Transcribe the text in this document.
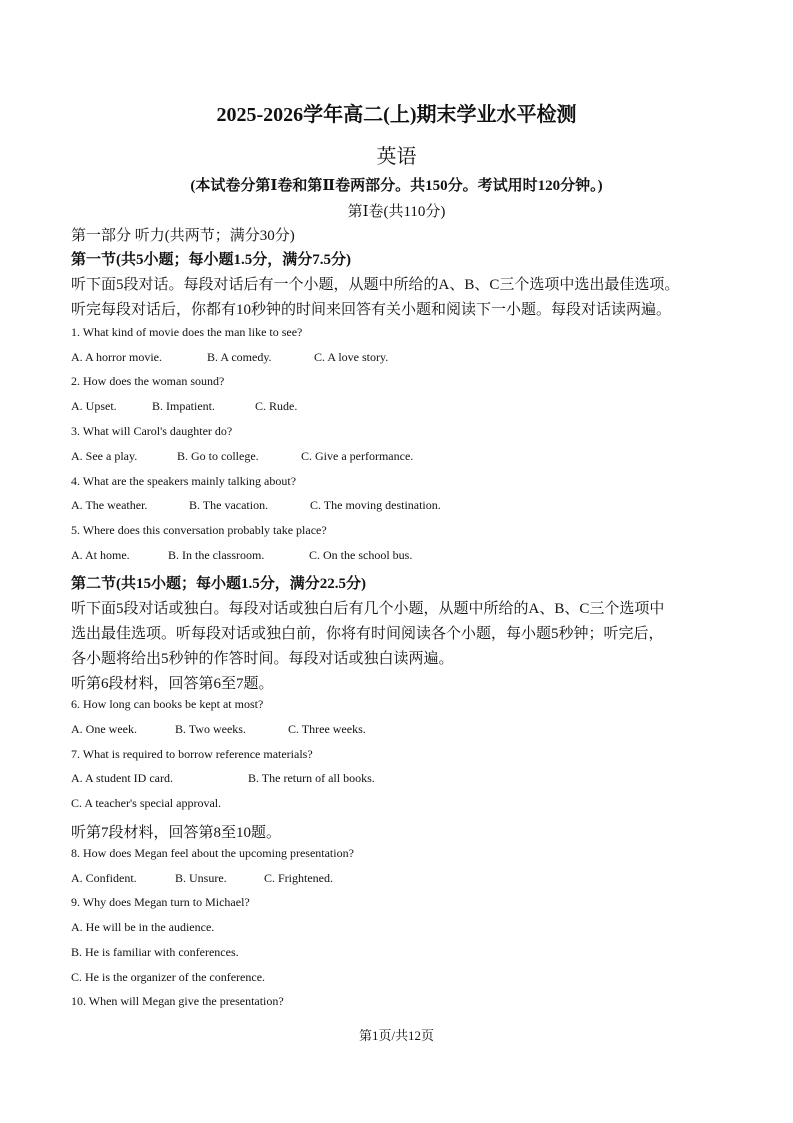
2025-2026学年高二(上)期末学业水平检测
英语
(本试卷分第Ⅰ卷和第Ⅱ卷两部分。共150分。考试用时120分钟。)
第Ⅰ卷(共110分)
第一部分 听力(共两节；满分30分)
第一节(共5小题；每小题1.5分，满分7.5分)
听下面5段对话。每段对话后有一个小题，从题中所给的A、B、C三个选项中选出最佳选项。
听完每段对话后，你都有10秒钟的时间来回答有关小题和阅读下一小题。每段对话读两遍。
1. What kind of movie does the man like to see?
A. A horror movie.	B. A comedy.	C. A love story.
2. How does the woman sound?
A. Upset.	B. Impatient.	C. Rude.
3. What will Carol's daughter do?
A. See a play.	B. Go to college.	C. Give a performance.
4. What are the speakers mainly talking about?
A. The weather.	B. The vacation.	C. The moving destination.
5. Where does this conversation probably take place?
A. At home.	B. In the classroom.	C. On the school bus.
第二节(共15小题；每小题1.5分，满分22.5分)
听下面5段对话或独白。每段对话或独白后有几个小题，从题中所给的A、B、C三个选项中
选出最佳选项。听每段对话或独白前，你将有时间阅读各个小题，每小题5秒钟；听完后，
各小题将给出5秒钟的作答时间。每段对话或独白读两遍。
听第6段材料，回答第6至7题。
6. How long can books be kept at most?
A. One week.	B. Two weeks.	C. Three weeks.
7. What is required to borrow reference materials?
A. A student ID card.	B. The return of all books.
C. A teacher's special approval.
听第7段材料，回答第8至10题。
8. How does Megan feel about the upcoming presentation?
A. Confident.	B. Unsure.	C. Frightened.
9. Why does Megan turn to Michael?
A. He will be in the audience.
B. He is familiar with conferences.
C. He is the organizer of the conference.
10. When will Megan give the presentation?
第1页/共12页
